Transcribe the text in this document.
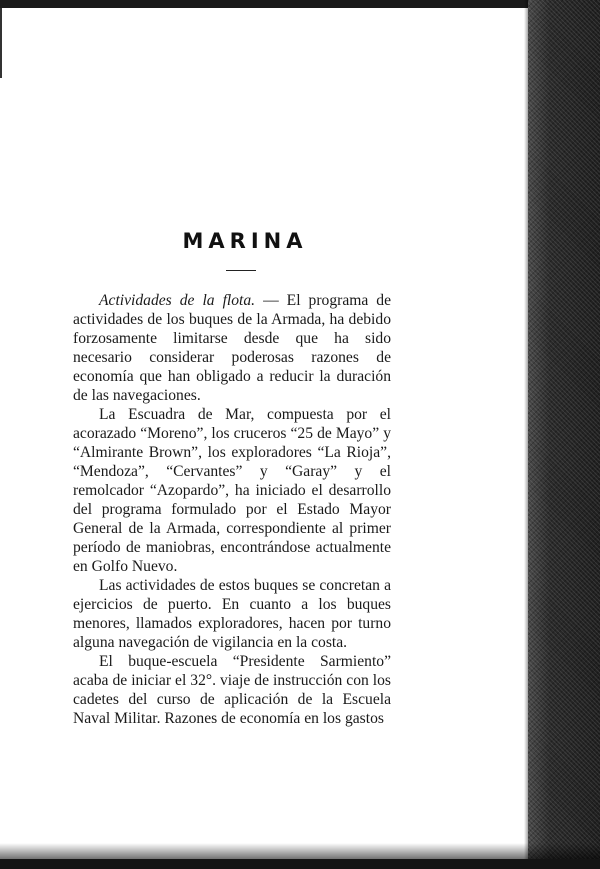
MARINA

Actividades de la flota. — El programa de actividades de los buques de la Armada, ha debido forzosamente limitarse desde que ha sido necesario considerar poderosas razones de economía que han obligado a reducir la duración de las navegaciones.

La Escuadra de Mar, compuesta por el acorazado “Moreno”, los cruceros “25 de Mayo” y “Almirante Brown”, los exploradores “La Rioja”, “Mendoza”, “Cervantes” y “Garay” y el remolcador “Azopardo”, ha iniciado el desarrollo del programa formulado por el Estado Mayor General de la Armada, correspondiente al primer período de maniobras, encontrándose actualmente en Golfo Nuevo.

Las actividades de estos buques se concretan a ejercicios de puerto. En cuanto a los buques menores, llamados exploradores, hacen por turno alguna navegación de vigilancia en la costa.

El buque-escuela “Presidente Sarmiento” acaba de iniciar el 32°. viaje de instrucción con los cadetes del curso de aplicación de la Escuela Naval Militar. Razones de economía en los gastos
